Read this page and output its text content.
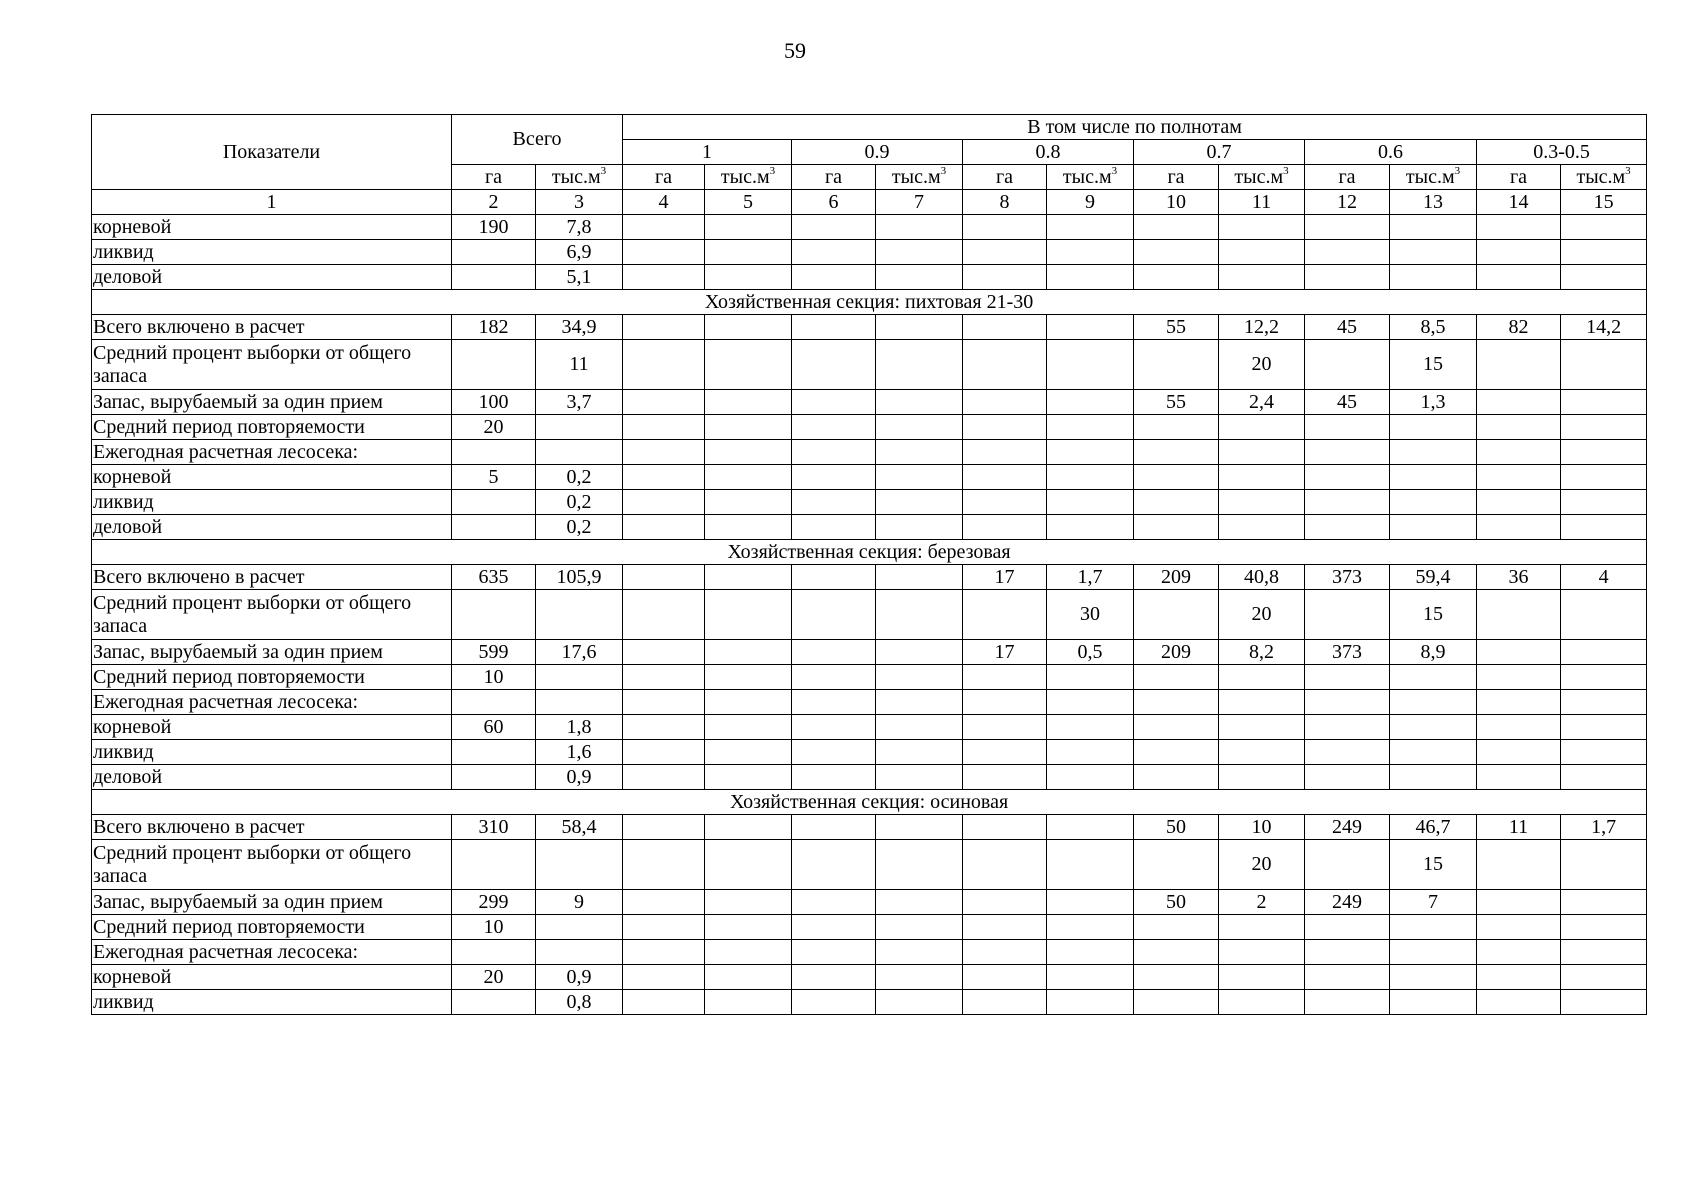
59
Показатели	Всего		В том числе по полнотам											
			1		0.9		0.8		0.7		0.6		0.3-0.5	
	га	$тыс.м^3$	га	$тыс.м^3$	га	$тыс.м^3$	га	$тыс.м^3$	га	$тыс.м^3$	га	$тыс.м^3$	га	$тыс.м^3$
1	2	3	4	5	6	7	8	9	10	11	12	13	14	15
корневой	190	7,8												
ликвид		6,9												
деловой		5,1												
Хозяйственная секция: пихтовая 21-30														
Всего включено в расчет	182	34,9							55	12,2	45	8,5	82	14,2
Средний процент выборки от общего запаса		11								20		15		
Запас, вырубаемый за один прием	100	3,7							55	2,4	45	1,3		
Средний период повторяемости	20													
Ежегодная расчетная лесосека:														
корневой	5	0,2												
ликвид		0,2												
деловой		0,2												
Хозяйственная секция: березовая														
Всего включено в расчет	635	105,9					17	1,7	209	40,8	373	59,4	36	4
Средний процент выборки от общего запаса								30		20		15		
Запас, вырубаемый за один прием	599	17,6					17	0,5	209	8,2	373	8,9		
Средний период повторяемости	10													
Ежегодная расчетная лесосека:														
корневой	60	1,8												
ликвид		1,6												
деловой		0,9												
Хозяйственная секция: осиновая														
Всего включено в расчет	310	58,4							50	10	249	46,7	11	1,7
Средний процент выборки от общего запаса										20		15		
Запас, вырубаемый за один прием	299	9							50	2	249	7		
Средний период повторяемости	10													
Ежегодная расчетная лесосека:														
корневой	20	0,9												
ликвид		0,8												
